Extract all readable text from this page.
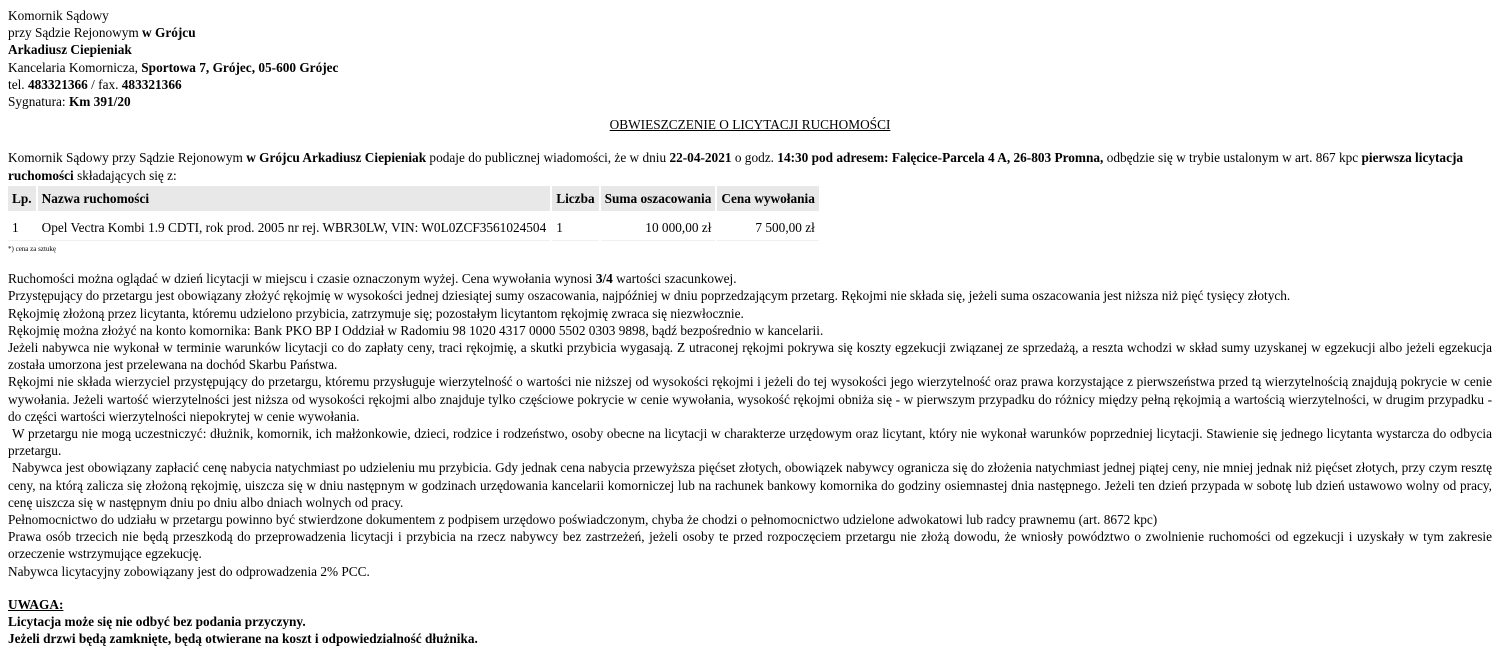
Komornik Sądowy
przy Sądzie Rejonowym w Grójcu
Arkadiusz Ciepieniak
Kancelaria Komornicza, Sportowa 7, Grójec, 05-600 Grójec
tel. 483321366 / fax. 483321366
Sygnatura: Km 391/20
OBWIESZCZENIE O LICYTACJI RUCHOMOŚCI
Komornik Sądowy przy Sądzie Rejonowym w Grójcu Arkadiusz Ciepieniak podaje do publicznej wiadomości, że w dniu 22-04-2021 o godz. 14:30 pod adresem: Falęcice-Parcela 4 A, 26-803 Promna, odbędzie się w trybie ustalonym w art. 867 kpc pierwsza licytacja ruchomości składających się z:
Lp.	Nazwa ruchomości	Liczba	Suma oszacowania	Cena wywołania
1	Opel Vectra Kombi 1.9 CDTI, rok prod. 2005 nr rej. WBR30LW, VIN: W0L0ZCF3561024504	1	10 000,00 zł	7 500,00 zł
*) cena za sztukę
Ruchomości można oglądać w dzień licytacji w miejscu i czasie oznaczonym wyżej. Cena wywołania wynosi 3/4 wartości szacunkowej.
Przystępujący do przetargu jest obowiązany złożyć rękojmię w wysokości jednej dziesiątej sumy oszacowania, najpóźniej w dniu poprzedzającym przetarg. Rękojmi nie składa się, jeżeli suma oszacowania jest niższa niż pięć tysięcy złotych.
Rękojmię złożoną przez licytanta, któremu udzielono przybicia, zatrzymuje się; pozostałym licytantom rękojmię zwraca się niezwłocznie.
Rękojmię można złożyć na konto komornika: Bank PKO BP I Oddział w Radomiu 98 1020 4317 0000 5502 0303 9898, bądź bezpośrednio w kancelarii.
Jeżeli nabywca nie wykonał w terminie warunków licytacji co do zapłaty ceny, traci rękojmię, a skutki przybicia wygasają. Z utraconej rękojmi pokrywa się koszty egzekucji związanej ze sprzedażą, a reszta wchodzi w skład sumy uzyskanej w egzekucji albo jeżeli egzekucja została umorzona jest przelewana na dochód Skarbu Państwa.
Rękojmi nie składa wierzyciel przystępujący do przetargu, któremu przysługuje wierzytelność o wartości nie niższej od wysokości rękojmi i jeżeli do tej wysokości jego wierzytelność oraz prawa korzystające z pierwszeństwa przed tą wierzytelnością znajdują pokrycie w cenie wywołania. Jeżeli wartość wierzytelności jest niższa od wysokości rękojmi albo znajduje tylko częściowe pokrycie w cenie wywołania, wysokość rękojmi obniża się - w pierwszym przypadku do różnicy między pełną rękojmią a wartością wierzytelności, w drugim przypadku - do części wartości wierzytelności niepokrytej w cenie wywołania.
W przetargu nie mogą uczestniczyć: dłużnik, komornik, ich małżonkowie, dzieci, rodzice i rodzeństwo, osoby obecne na licytacji w charakterze urzędowym oraz licytant, który nie wykonał warunków poprzedniej licytacji. Stawienie się jednego licytanta wystarcza do odbycia przetargu.
Nabywca jest obowiązany zapłacić cenę nabycia natychmiast po udzieleniu mu przybicia. Gdy jednak cena nabycia przewyższa pięćset złotych, obowiązek nabywcy ogranicza się do złożenia natychmiast jednej piątej ceny, nie mniej jednak niż pięćset złotych, przy czym resztę ceny, na którą zalicza się złożoną rękojmię, uiszcza się w dniu następnym w godzinach urzędowania kancelarii komorniczej lub na rachunek bankowy komornika do godziny osiemnastej dnia następnego. Jeżeli ten dzień przypada w sobotę lub dzień ustawowo wolny od pracy, cenę uiszcza się w następnym dniu po dniu albo dniach wolnych od pracy.
Pełnomocnictwo do udziału w przetargu powinno być stwierdzone dokumentem z podpisem urzędowo poświadczonym, chyba że chodzi o pełnomocnictwo udzielone adwokatowi lub radcy prawnemu (art. 8672 kpc)
Prawa osób trzecich nie będą przeszkodą do przeprowadzenia licytacji i przybicia na rzecz nabywcy bez zastrzeżeń, jeżeli osoby te przed rozpoczęciem przetargu nie złożą dowodu, że wniosły powództwo o zwolnienie ruchomości od egzekucji i uzyskały w tym zakresie orzeczenie wstrzymujące egzekucję.
Nabywca licytacyjny zobowiązany jest do odprowadzenia 2% PCC.
UWAGA:
Licytacja może się nie odbyć bez podania przyczyny.
Jeżeli drzwi będą zamknięte, będą otwierane na koszt i odpowiedzialność dłużnika.
